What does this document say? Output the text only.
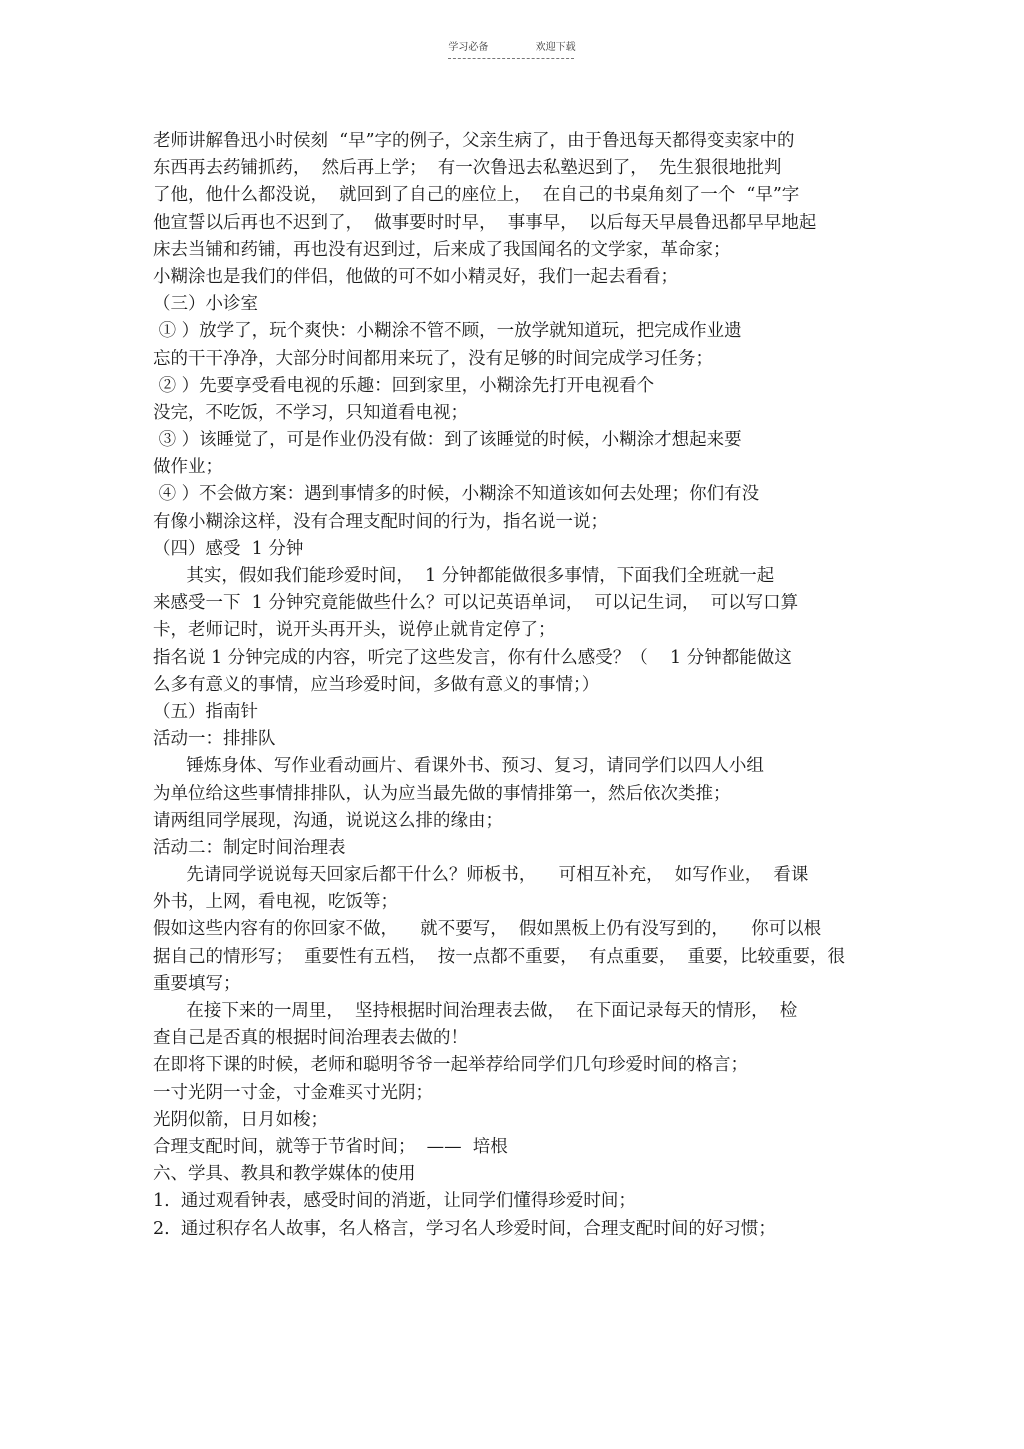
学习必备	欢迎下载
老师讲解鲁迅小时侯刻  “早”字的例子，父亲生病了，由于鲁迅每天都得变卖家中的
东西再去药铺抓药，  然后再上学；  有一次鲁迅去私塾迟到了，  先生狠很地批判
了他，他什么都没说，  就回到了自己的座位上，  在自己的书桌角刻了一个  “早”字
他宣誓以后再也不迟到了，  做事要时时早，  事事早，  以后每天早晨鲁迅都早早地起
床去当铺和药铺，再也没有迟到过，后来成了我国闻名的文学家，革命家；
小糊涂也是我们的伴侣，他做的可不如小精灵好，我们一起去看看；
（三）小诊室
① ）放学了，玩个爽快：小糊涂不管不顾，一放学就知道玩，把完成作业遗
忘的干干净净，大部分时间都用来玩了，没有足够的时间完成学习任务；
② ）先要享受看电视的乐趣：回到家里，小糊涂先打开电视看个
没完，不吃饭，不学习，只知道看电视；
③ ）该睡觉了，可是作业仍没有做：到了该睡觉的时候，小糊涂才想起来要
做作业；
④ ）不会做方案：遇到事情多的时候，小糊涂不知道该如何去处理；你们有没
有像小糊涂这样，没有合理支配时间的行为，指名说一说；
（四）感受  1 分钟
其实，假如我们能珍爱时间，  1 分钟都能做很多事情，下面我们全班就一起
来感受一下  1 分钟究竟能做些什么？可以记英语单词，  可以记生词，  可以写口算
卡，老师记时，说开头再开头，说停止就肯定停了；
指名说 1 分钟完成的内容，听完了这些发言，你有什么感受？（    1 分钟都能做这
么多有意义的事情，应当珍爱时间，多做有意义的事情；）
（五）指南针
活动一：排排队
锤炼身体、写作业看动画片、看课外书、预习、复习，请同学们以四人小组
为单位给这些事情排排队，认为应当最先做的事情排第一，然后依次类推；
请两组同学展现，沟通，说说这么排的缘由；
活动二：制定时间治理表
先请同学说说每天回家后都干什么？师板书，    可相互补充，  如写作业，  看课
外书，上网，看电视，吃饭等；
假如这些内容有的你回家不做，    就不要写，  假如黑板上仍有没写到的，    你可以根
据自己的情形写；  重要性有五档，  按一点都不重要，  有点重要，  重要，比较重要，很
重要填写；
在接下来的一周里，  坚持根据时间治理表去做，  在下面记录每天的情形，  检
查自己是否真的根据时间治理表去做的！
在即将下课的时候，老师和聪明爷爷一起举荐给同学们几句珍爱时间的格言；
一寸光阴一寸金，寸金难买寸光阴；
光阴似箭，日月如梭；
合理支配时间，就等于节省时间；  ——  培根
六、学具、教具和教学媒体的使用
1.  通过观看钟表，感受时间的消逝，让同学们懂得珍爱时间；
2.  通过积存名人故事，名人格言，学习名人珍爱时间，合理支配时间的好习惯；
